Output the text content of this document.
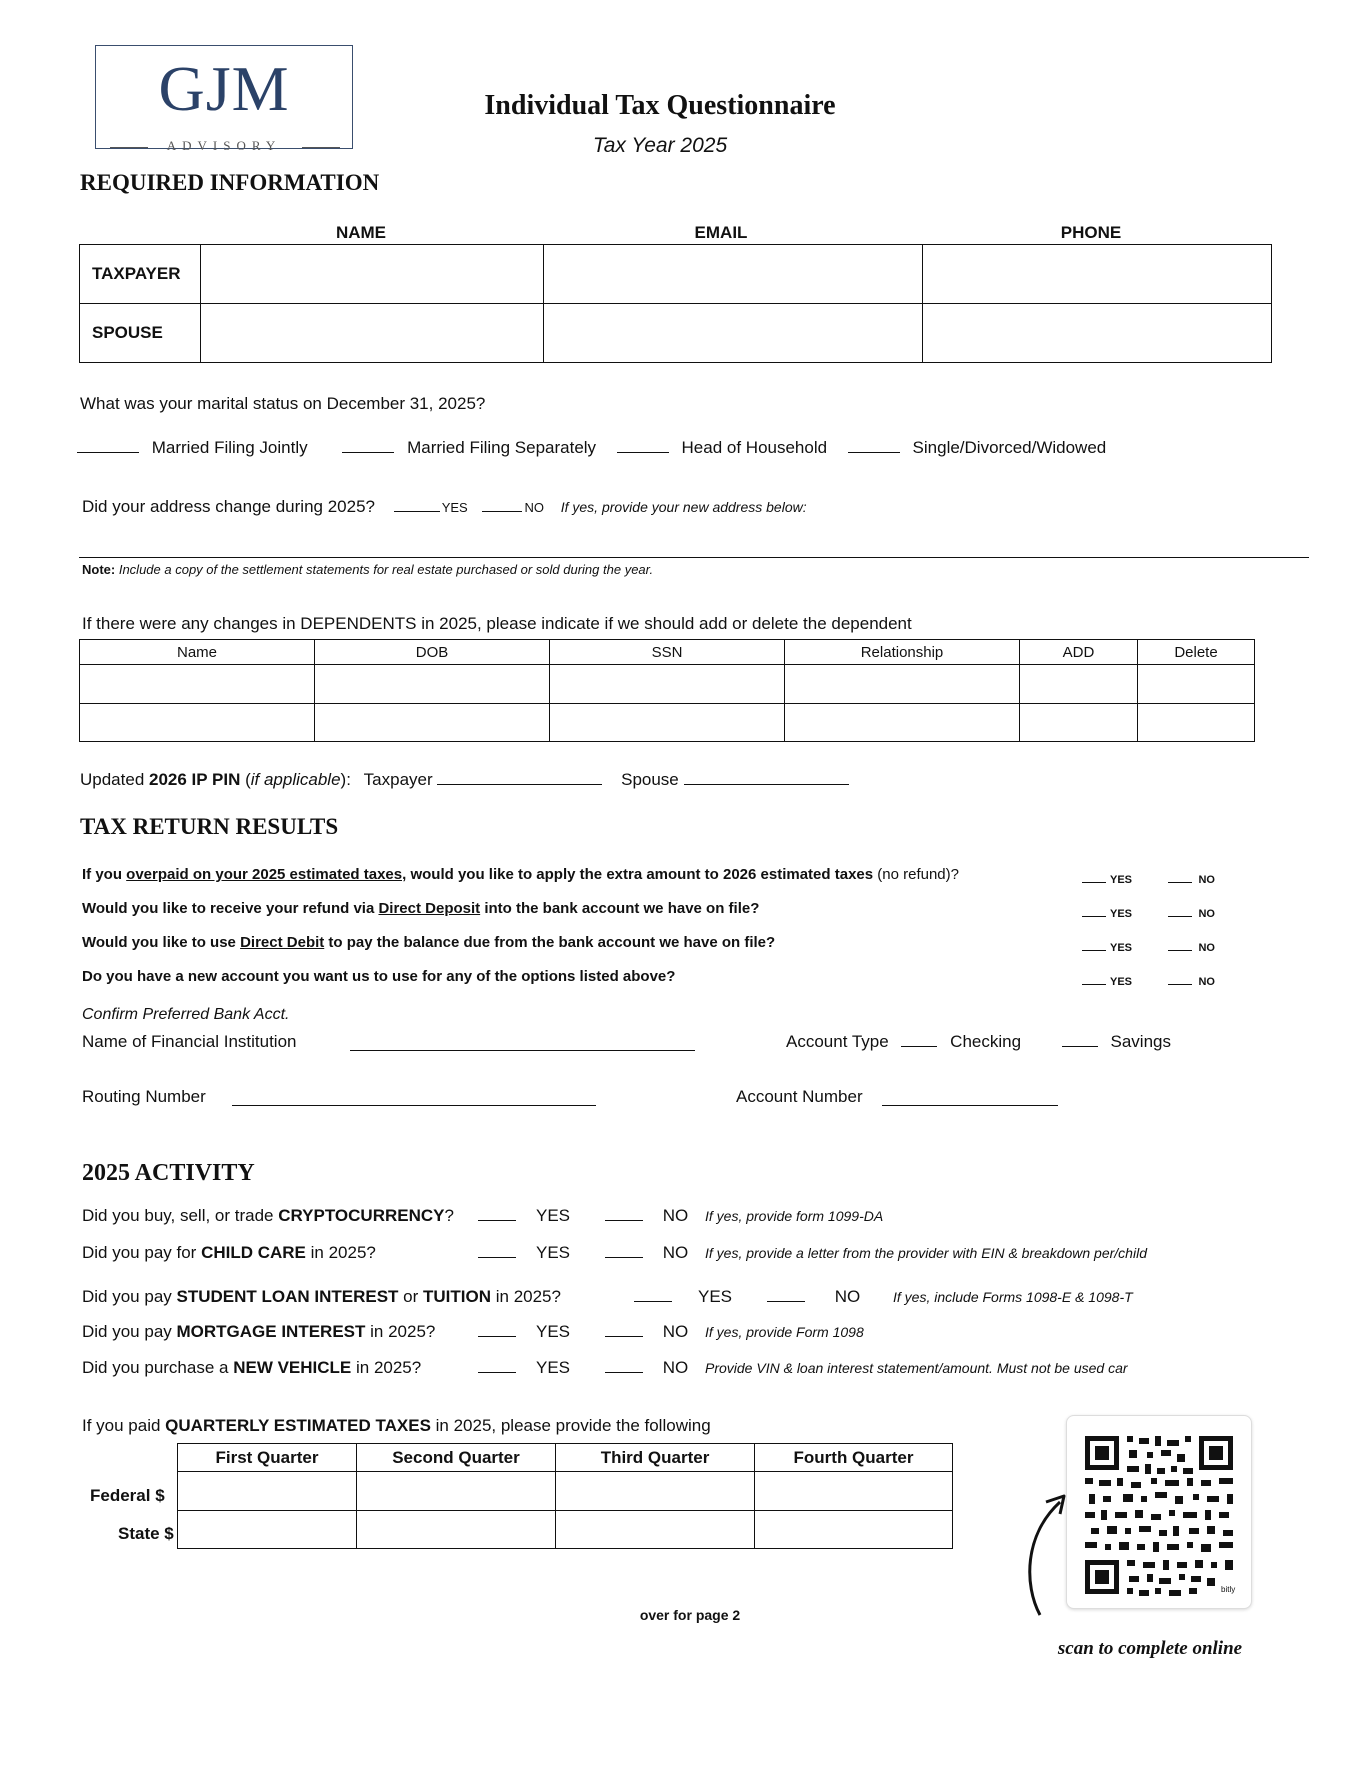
GJM
ADVISORY
Individual Tax Questionnaire
Tax Year 2025
REQUIRED INFORMATION
NAME	EMAIL	PHONE
TAXPAYER			
SPOUSE			
What was your marital status on December 31, 2025?
Married Filing Jointly	Married Filing Separately	Head of Household	Single/Divorced/Widowed
Did your address change during 2025?	YES	NO If yes, provide your new address below:
Note: Include a copy of the settlement statements for real estate purchased or sold during the year.
If there were any changes in DEPENDENTS in 2025, please indicate if we should add or delete the dependent
Name	DOB	SSN	Relationship	ADD	Delete

Updated 2026 IP PIN (if applicable): Taxpayer	Spouse
TAX RETURN RESULTS
If you overpaid on your 2025 estimated taxes, would you like to apply the extra amount to 2026 estimated taxes (no refund)?
Would you like to receive your refund via Direct Deposit into the bank account we have on file?
Would you like to use Direct Debit to pay the balance due from the bank account we have on file?
Do you have a new account you want us to use for any of the options listed above?
YES	NO
YES	NO
YES	NO
YES	NO
Confirm Preferred Bank Acct.
Name of Financial Institution	Account Type	Checking	Savings
Routing Number	Account Number
2025 ACTIVITY
Did you buy, sell, or trade CRYPTOCURRENCY?
Did you pay for CHILD CARE in 2025?
Did you pay STUDENT LOAN INTEREST or TUITION in 2025?
Did you pay MORTGAGE INTEREST in 2025?
Did you purchase a NEW VEHICLE in 2025?
YES	NO If yes, provide form 1099-DA
YES	NO If yes, provide a letter from the provider with EIN & breakdown per/child
YES	NO If yes, include Forms 1098-E & 1098-T
YES	NO If yes, provide Form 1098
YES	NO Provide VIN & loan interest statement/amount. Must not be used car
If you paid QUARTERLY ESTIMATED TAXES in 2025, please provide the following
Federal $
State $
First Quarter	Second Quarter	Third Quarter	Fourth Quarter

over for page 2
bitly
scan to complete online
